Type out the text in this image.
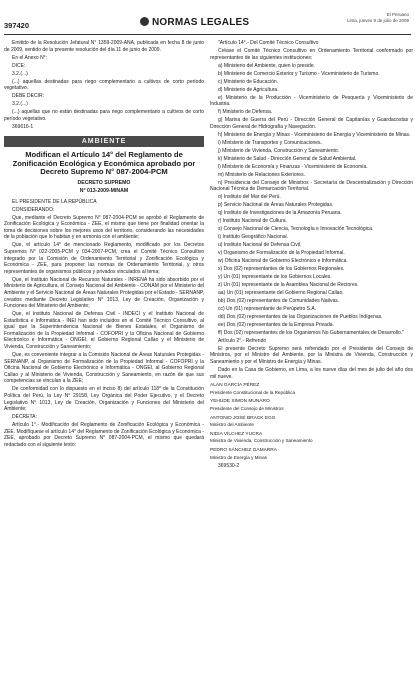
397420	NORMAS LEGALES
El Peruano
Lima, jueves 9 de julio de 2009

Emitido de la Resolución Jefatural N° 1359-2009-ANA, publicada en fecha 8 de junio de 2009, sentido de la presente resolución del día 11 de junio de 2009.

En el Anexo N°:

DICE:

3.2.(...)

(...) aquellas destinadas para riego complementario a cultivos de corto período vegetativo.

DEBE DECIR:

3.2.(...)

(...) aquellas que no están destinadas para riego complementario a cultivos de corto período vegetativo.

369616-1

AMBIENTE
Modifican el Artículo 14° del Reglamento de Zonificación Ecológica y Económica aprobado por Decreto Supremo N° 087-2004-PCM
DECRETO SUPREMO
N° 013-2009-MINAM

EL PRESIDENTE DE LA REPÚBLICA

CONSIDERANDO:

Que, mediante el Decreto Supremo N° 087-2004-PCM se aprobó el Reglamento de Zonificación Ecológica y Económica - ZEE, el mismo que tiene por finalidad orientar la toma de decisiones sobre los mejores usos del territorio, considerando las necesidades de la población que lo habitan y en armonía con el ambiente;

Que, el artículo 14° de mencionado Reglamento, modificado por los Decretos Supremos N° 022-2005-PCM y 034-2007-PCM, crea el Comité Técnico Consultivo integrado por la Comisión de Ordenamiento Territorial y Zonificación Ecológica y Económica - ZEE, para proponer las normas de Ordenamiento Territorial, y otros representantes de organismos públicos y privados vinculados al tema;

Que, el Instituto Nacional de Recursos Naturales - INRENA ha sido absorbido por el Ministerio de Agricultura, el Consejo Nacional del Ambiente - CONAM por el Ministerio del Ambiente y el Servicio Nacional de Áreas Naturales Protegidas por el Estado - SERNANP, creados mediante Decreto Legislativo N° 1013, Ley de Creación, Organización y Funciones del Ministerio del Ambiente;

Que, el Instituto Nacional de Defensa Civil - INDECI y el Instituto Nacional de Estadística e Informática - INEI han sido incluidos en el Comité Técnico Consultivo, al igual que la Superintendencia Nacional de Bienes Estatales, el Organismo de Formalización de la Propiedad Informal - COFOPRI y la Oficina Nacional de Gobierno Electrónico e Informática - ONGEI, el Gobierno Regional Callao y el Ministerio de Vivienda, Construcción y Saneamiento;

Que, es conveniente integrar a la Comisión Nacional de Áreas Naturales Protegidas - SERNANP, al Organismo de Formalización de la Propiedad Informal - COFOPRI y la Oficina Nacional de Gobierno Electrónico e Informática - ONGEI, al Gobierno Regional Callao y al Ministerio de Vivienda, Construcción y Saneamiento, en razón de que sus competencias se vinculan a la ZEE;

De conformidad con lo dispuesto en el inciso 8) del artículo 118° de la Constitución Política del Perú, la Ley N° 29158, Ley Orgánica del Poder Ejecutivo, y el Decreto Legislativo N° 1013, Ley de Creación, Organización y Funciones del Ministerio del Ambiente;

DECRETA:

Artículo 1°.- Modificación del Reglamento de Zonificación Ecológica y Económica - ZEE. Modifíquese el artículo 14° del Reglamento de Zonificación Ecológica y Económica - ZEE, aprobado por Decreto Supremo N° 087-2004-PCM, el mismo que quedará redactado con el siguiente texto:

"Artículo 14°.- Del Comité Técnico Consultivo

Créase el Comité Técnico Consultivo en Ordenamiento Territorial conformado por representantes de las siguientes instituciones:

a) Ministerio del Ambiente, quien lo preside.

b) Ministerio de Comercio Exterior y Turismo - Viceministerio de Turismo.

c) Ministerio de Educación.

d) Ministerio de Agricultura.

e) Ministerio de la Producción - Viceministerio de Pesquería y Viceministerio de Industria.

f) Ministerio de Defensa.

g) Marina de Guerra del Perú - Dirección General de Capitanías y Guardacostas y Dirección General de Hidrografía y Navegación.

h) Ministerio de Energía y Minas - Viceministerio de Energía y Viceministerio de Minas.

i) Ministerio de Transportes y Comunicaciones.

j) Ministerio de Vivienda, Construcción y Saneamiento.

k) Ministerio de Salud - Dirección General de Salud Ambiental.

l) Ministerio de Economía y Finanzas - Viceministerio de Economía.

m) Ministerio de Relaciones Exteriores.

n) Presidencia del Consejo de Ministros - Secretaría de Descentralización y Dirección Nacional Técnica de Demarcación Territorial.

o) Instituto del Mar del Perú.

p) Servicio Nacional de Áreas Naturales Protegidas.

q) Instituto de Investigaciones de la Amazonía Peruana.

r) Instituto Nacional de Cultura.

s) Consejo Nacional de Ciencia, Tecnología e Innovación Tecnológica.

t) Instituto Geográfico Nacional.

u) Instituto Nacional de Defensa Civil.

v) Organismo de Formalización de la Propiedad Informal.

w) Oficina Nacional de Gobierno Electrónico e Informática.

x) Dos (02) representantes de los Gobiernos Regionales.

y) Un (01) representante de los Gobiernos Locales.

z) Un (01) representante de la Asamblea Nacional de Rectores.

aa) Un (01) representante del Gobierno Regional Callao.

bb) Dos (02) representantes de Comunidades Nativas.

cc) Un (01) representante de Perúpetro S.A.

dd) Dos (02) representantes de las Organizaciones de Pueblos Indígenas.

ee) Dos (02) representantes de la Empresa Privada.

ff) Dos (02) representantes de los Organismos No Gubernamentales de Desarrollo."

Artículo 2°.- Refrendo

El presente Decreto Supremo será refrendado por el Presidente del Consejo de Ministros, por el Ministro del Ambiente, por la Ministra de Vivienda, Construcción y Saneamiento y por el Ministro de Energía y Minas.

Dado en la Casa de Gobierno, en Lima, a los nueve días del mes de julio del año dos mil nueve.

ALAN GARCÍA PÉREZ
Presidente Constitucional de la República
YEHUDE SIMON MUNARO
Presidente del Consejo de Ministros
ANTONIO JOSÉ BRACK EGG
Ministro del Ambiente
NIDIA VÍLCHEZ YUCRA
Ministra de Vivienda, Construcción y Saneamiento
PEDRO SÁNCHEZ GAMARRA
Ministro de Energía y Minas

369530-2
